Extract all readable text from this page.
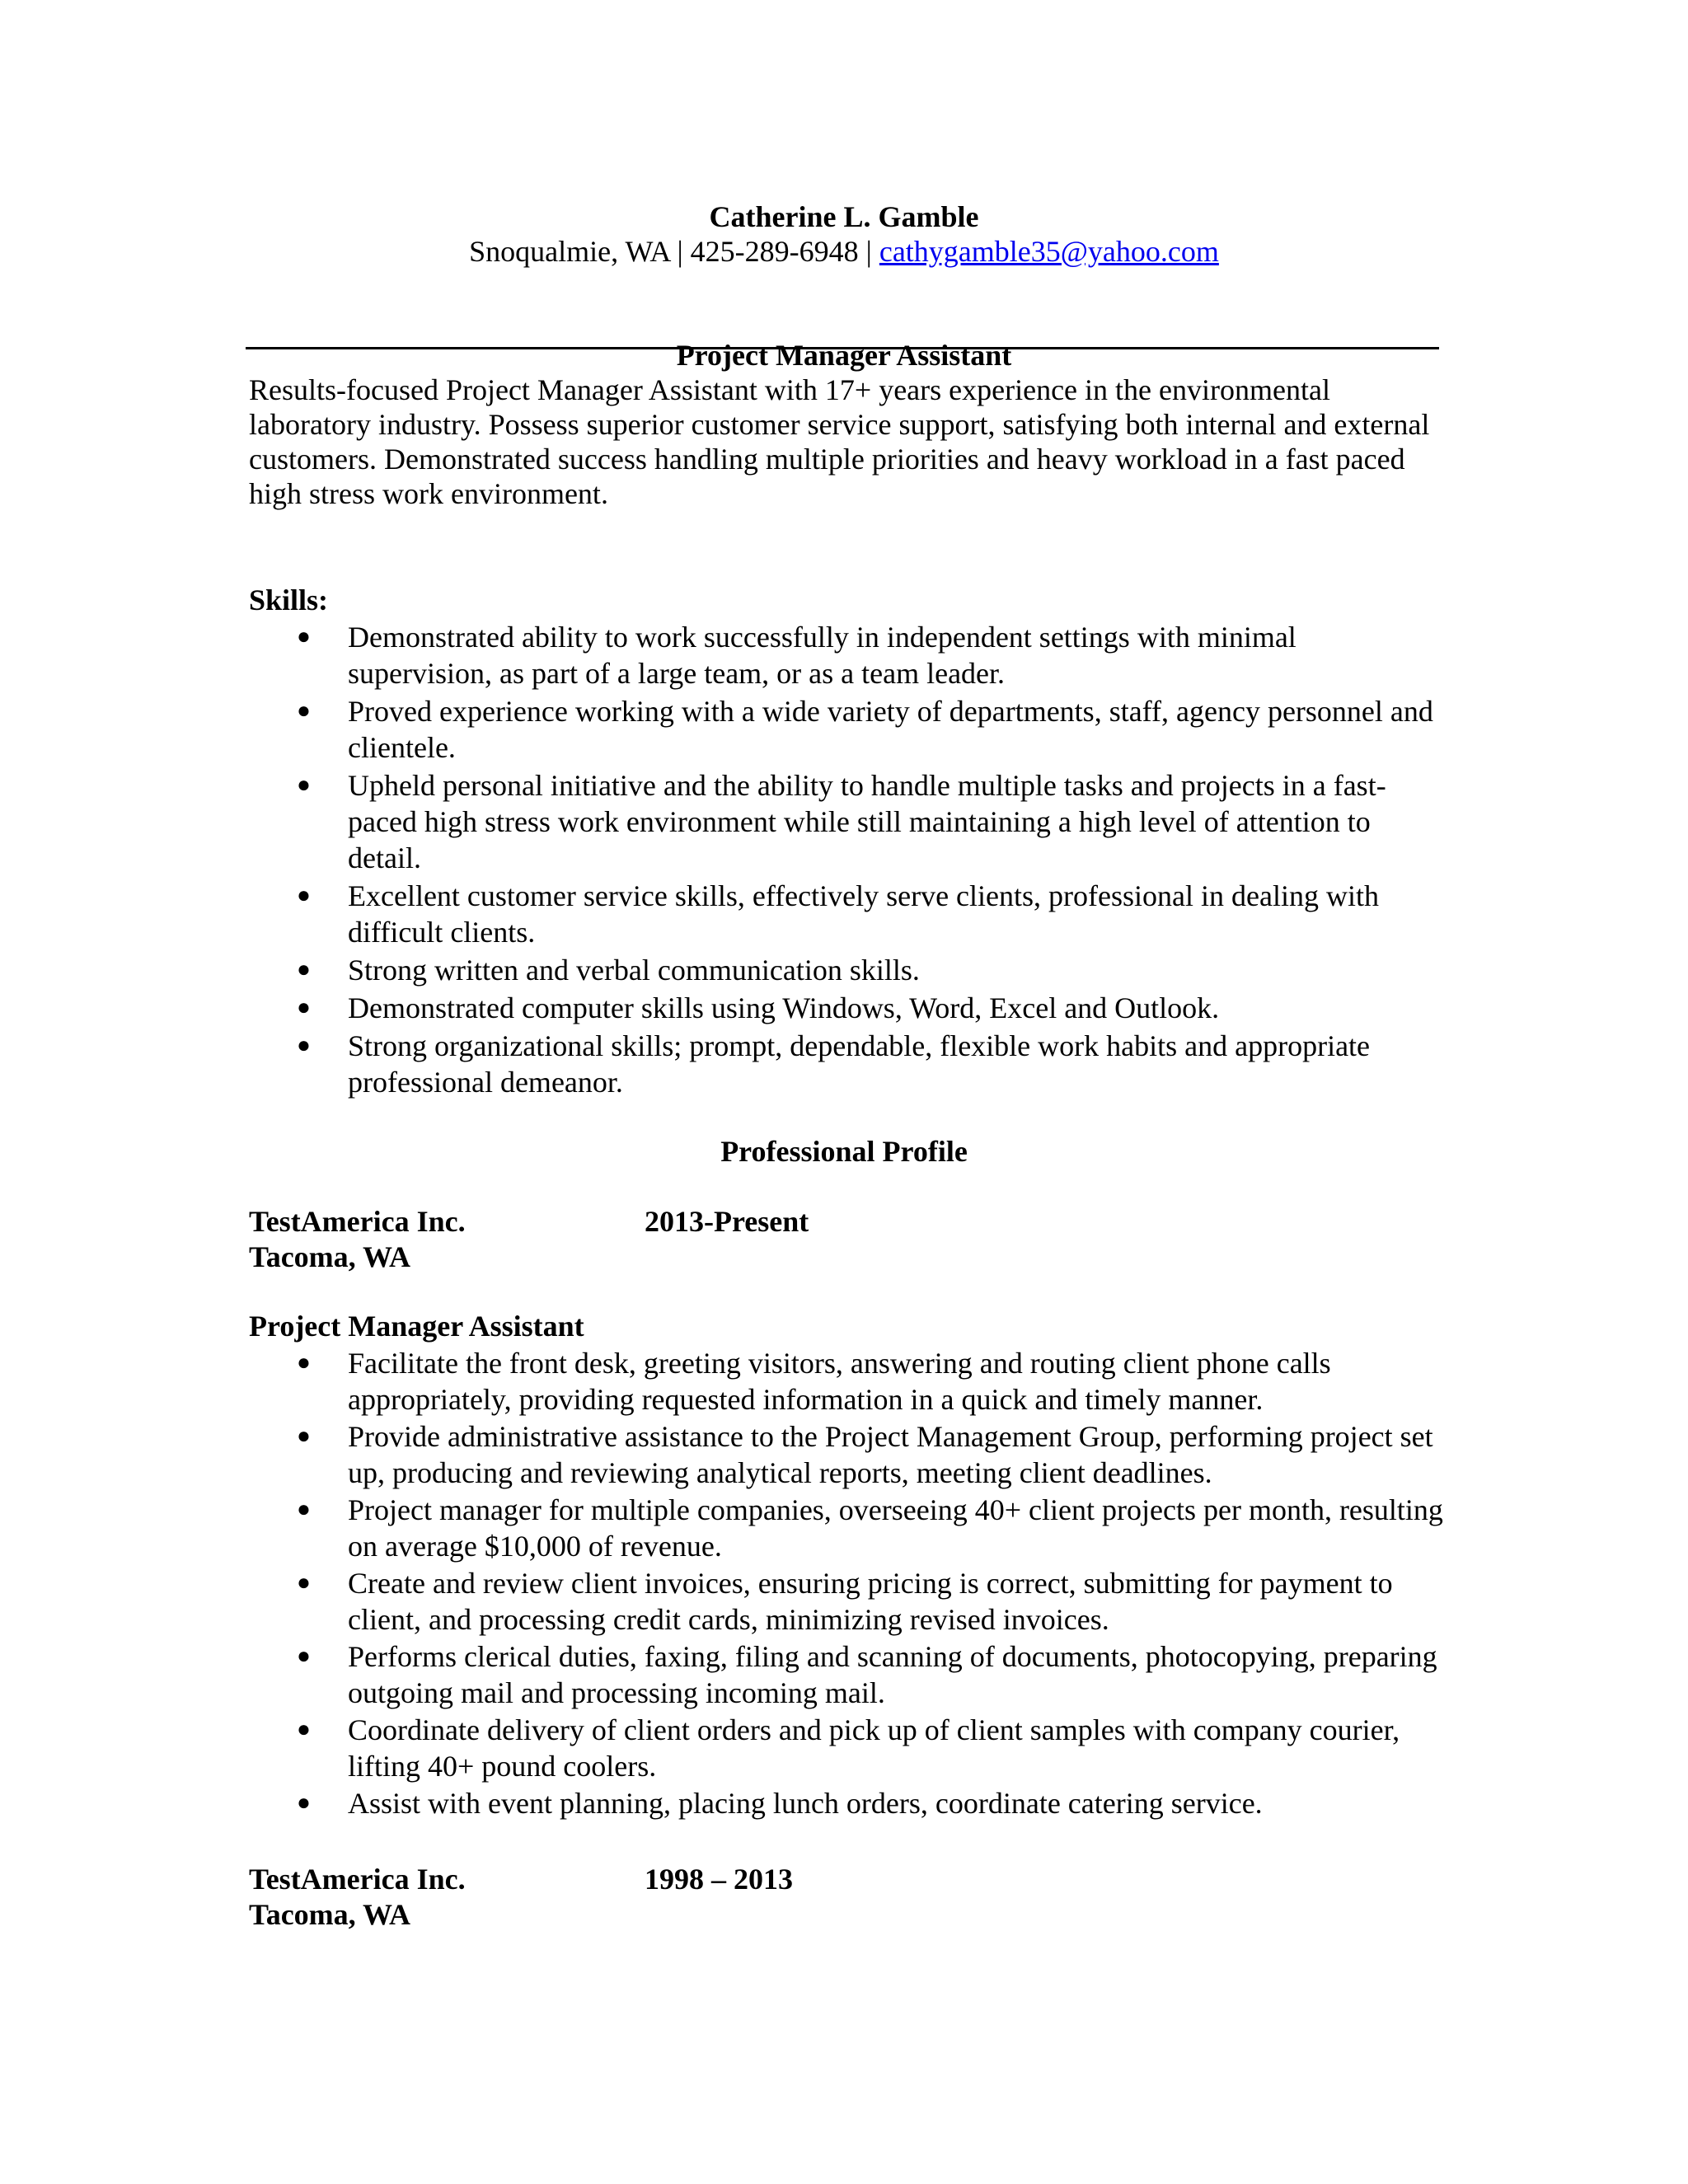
Catherine L. Gamble
Snoqualmie, WA | 425-289-6948 | cathygamble35@yahoo.com
Project Manager Assistant
Results-focused Project Manager Assistant with 17+ years experience in the environmental laboratory industry. Possess superior customer service support, satisfying both internal and external customers. Demonstrated success handling multiple priorities and heavy workload in a fast paced high stress work environment.
Skills:
● Demonstrated ability to work successfully in independent settings with minimal supervision, as part of a large team, or as a team leader.
● Proved experience working with a wide variety of departments, staff, agency personnel and clientele.
● Upheld personal initiative and the ability to handle multiple tasks and projects in a fast-paced high stress work environment while still maintaining a high level of attention to detail.
● Excellent customer service skills, effectively serve clients, professional in dealing with difficult clients.
● Strong written and verbal communication skills.
● Demonstrated computer skills using Windows, Word, Excel and Outlook.
● Strong organizational skills; prompt, dependable, flexible work habits and appropriate professional demeanor.
Professional Profile
TestAmerica Inc.	2013-Present
Tacoma, WA
Project Manager Assistant
● Facilitate the front desk, greeting visitors, answering and routing client phone calls appropriately, providing requested information in a quick and timely manner.
● Provide administrative assistance to the Project Management Group, performing project set up, producing and reviewing analytical reports, meeting client deadlines.
● Project manager for multiple companies, overseeing 40+ client projects per month, resulting on average $10,000 of revenue.
● Create and review client invoices, ensuring pricing is correct, submitting for payment to client, and processing credit cards, minimizing revised invoices.
● Performs clerical duties, faxing, filing and scanning of documents, photocopying, preparing outgoing mail and processing incoming mail.
● Coordinate delivery of client orders and pick up of client samples with company courier, lifting 40+ pound coolers.
● Assist with event planning, placing lunch orders, coordinate catering service.
TestAmerica Inc.	1998 – 2013
Tacoma, WA
